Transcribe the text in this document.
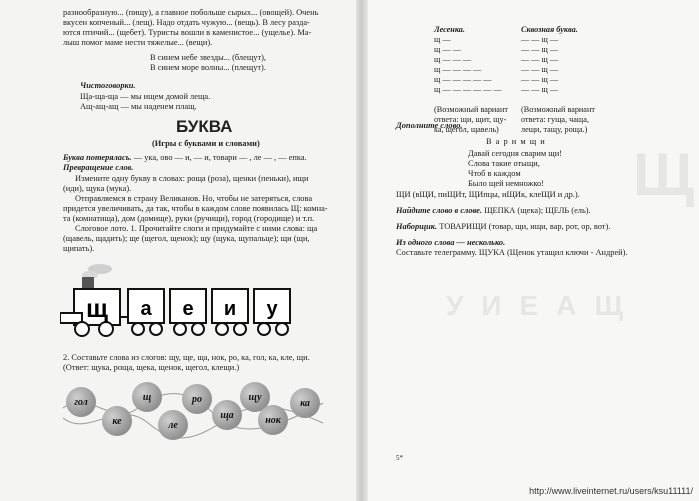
разнообразную... (пищу), а главное побольше сырых... (овощей). Очень

вкусен копченый... (лещ). Надо отдать чужую... (вещь). В лесу разда-

ются птичий... (щебет). Туристы вошли в каменистое... (ущелье). Ма-

лыш помог маме нести тяжелые... (вещи).

В синем небе звезды... (блещут),

В синем море волны... (плещут).

Чистоговорки.

Ща-ща-ща — мы ищем домой леща.

Ащ-ащ-ащ — мы наденем плащ.

БУКВА

(Игры с буквами и словами)

Буква потерялась. — ука, ово — и, — и, товари — , ле — , — епка.

Превращение слов.

Измените одну букву в словах: роща (роза), щенки (пеньки), ищи

(иди), щука (мука).

Отправляемся в страну Великанов. Но, чтобы не затеряться, слова

придется увеличивать, да так, чтобы в каждом слове появилась Щ: комна-

та (комнатища), дом (домище), руки (ручищи), город (городище) и т.п.

Слоговое лото. 1. Прочитайте слоги и придумайте с ними слова: ща

(щавель, щадить); ще (щегол, щенок); щу (щука, щупальце); щи (щи,

щипать).

щ а е и у

2. Составьте слова из слогов: щу, ще, ща, нок, ро, ка, гол, ка, кле, щи.

(Ответ: щука, роща, щека, щенок, щегол, клещи.)

гол
ке
щ
ле
ро
ща
щу
нок
ка
Щ
УИЕАЩ
Лесенка.
щ —
щ — —
щ — — —
щ — — — —
щ — — — — —
щ — — — — — —
(Возможный вариант
ответа: щи, щит, щу-
ка, щегол, щавель)
Сквозная буква.
— — щ —
— — щ —
— — щ —
— — щ —
— — щ —
— — щ —
(Возможный вариант
ответа: гуща, чаща,
лещи, тащу, роща.)

Дополните слово.

В а р и м щ и

Давай сегодня сварим щи!

Слова такие отыщи,

Чтоб в каждом

Было щей немножко!

ЩИ (вЩИ, пиЩИт, ЩИпцы, иЩИк, клеЩИ и др.).

Найдите слово в слове. ЩЕПКА (щека); ЩЕЛЬ (ель).

Наборщик. ТОВАРИЩИ (товар, щи, ищи, вар, рот, ор, вот).

Из одного слова — несколько.

Составьте телеграмму. ЩУКА (Щенок утащил ключи - Андрей).

5*

http://www.liveinternet.ru/users/ksu11111/
